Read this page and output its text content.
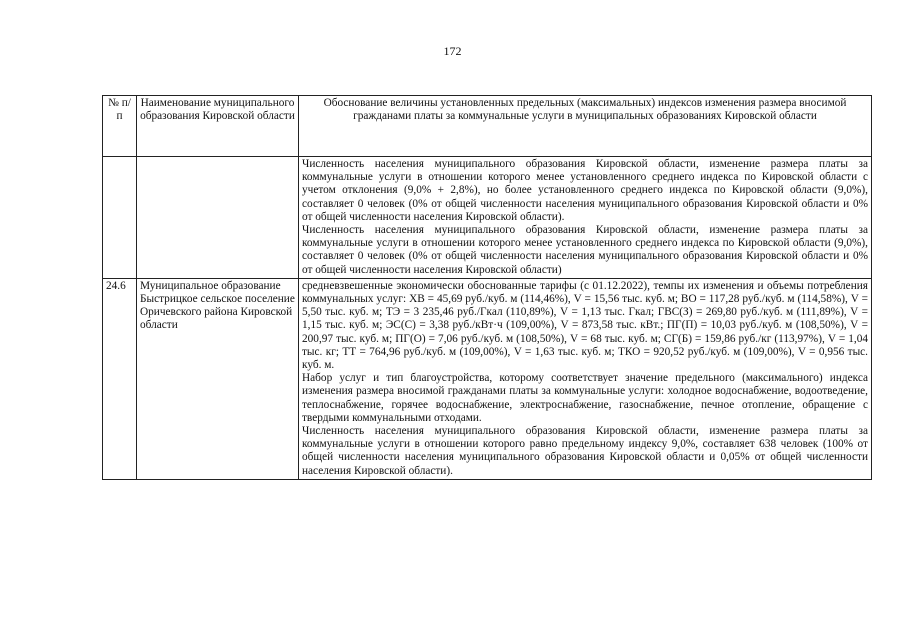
172
№ п/п	Наименование муниципального образования Кировской области	Обоснование величины установленных предельных (максимальных) индексов изменения размера вносимой гражданами платы за коммунальные услуги в муниципальных образованиях Кировской области

		Численность населения муниципального образования Кировской области, изменение размера платы за коммунальные услуги в отношении которого менее установленного среднего индекса по Кировской области с учетом отклонения (9,0% + 2,8%), но более установленного среднего индекса по Кировской области (9,0%), составляет 0 человек (0% от общей численности населения муниципального образования Кировской области и 0% от общей численности населения Кировской области).
Численность населения муниципального образования Кировской области, изменение размера платы за коммунальные услуги в отношении которого менее установленного среднего индекса по Кировской области (9,0%), составляет 0 человек (0% от общей численности населения муниципального образования Кировской области и 0% от общей численности населения Кировской области)

24.6	Муниципальное образование Быстрицкое сельское поселение Оричевского района Кировской области	средневзвешенные экономически обоснованные тарифы (с 01.12.2022), темпы их изменения и объемы потребления коммунальных услуг: ХВ = 45,69 руб./куб. м (114,46%), V = 15,56 тыс. куб. м; ВО = 117,28 руб./куб. м (114,58%), V = 5,50 тыс. куб. м; ТЭ = 3 235,46 руб./Гкал (110,89%), V = 1,13 тыс. Гкал; ГВС(З) = 269,80 руб./куб. м (111,89%), V = 1,15 тыс. куб. м; ЭС(С) = 3,38 руб./кВт·ч (109,00%), V = 873,58 тыс. кВт.; ПГ(П) = 10,03 руб./куб. м (108,50%), V = 200,97 тыс. куб. м; ПГ(О) = 7,06 руб./куб. м (108,50%), V = 68 тыс. куб. м; СГ(Б) = 159,86 руб./кг (113,97%), V = 1,04 тыс. кг; ТТ = 764,96 руб./куб. м (109,00%), V = 1,63 тыс. куб. м; ТКО = 920,52 руб./куб. м (109,00%), V = 0,956 тыс. куб. м.
Набор услуг и тип благоустройства, которому соответствует значение предельного (максимального) индекса изменения размера вносимой гражданами платы за коммунальные услуги: холодное водоснабжение, водоотведение, теплоснабжение, горячее водоснабжение, электроснабжение, газоснабжение, печное отопление, обращение с твердыми коммунальными отходами.
Численность населения муниципального образования Кировской области, изменение размера платы за коммунальные услуги в отношении которого равно предельному индексу 9,0%, составляет 638 человек (100% от общей численности населения муниципального образования Кировской области и 0,05% от общей численности населения Кировской области).
